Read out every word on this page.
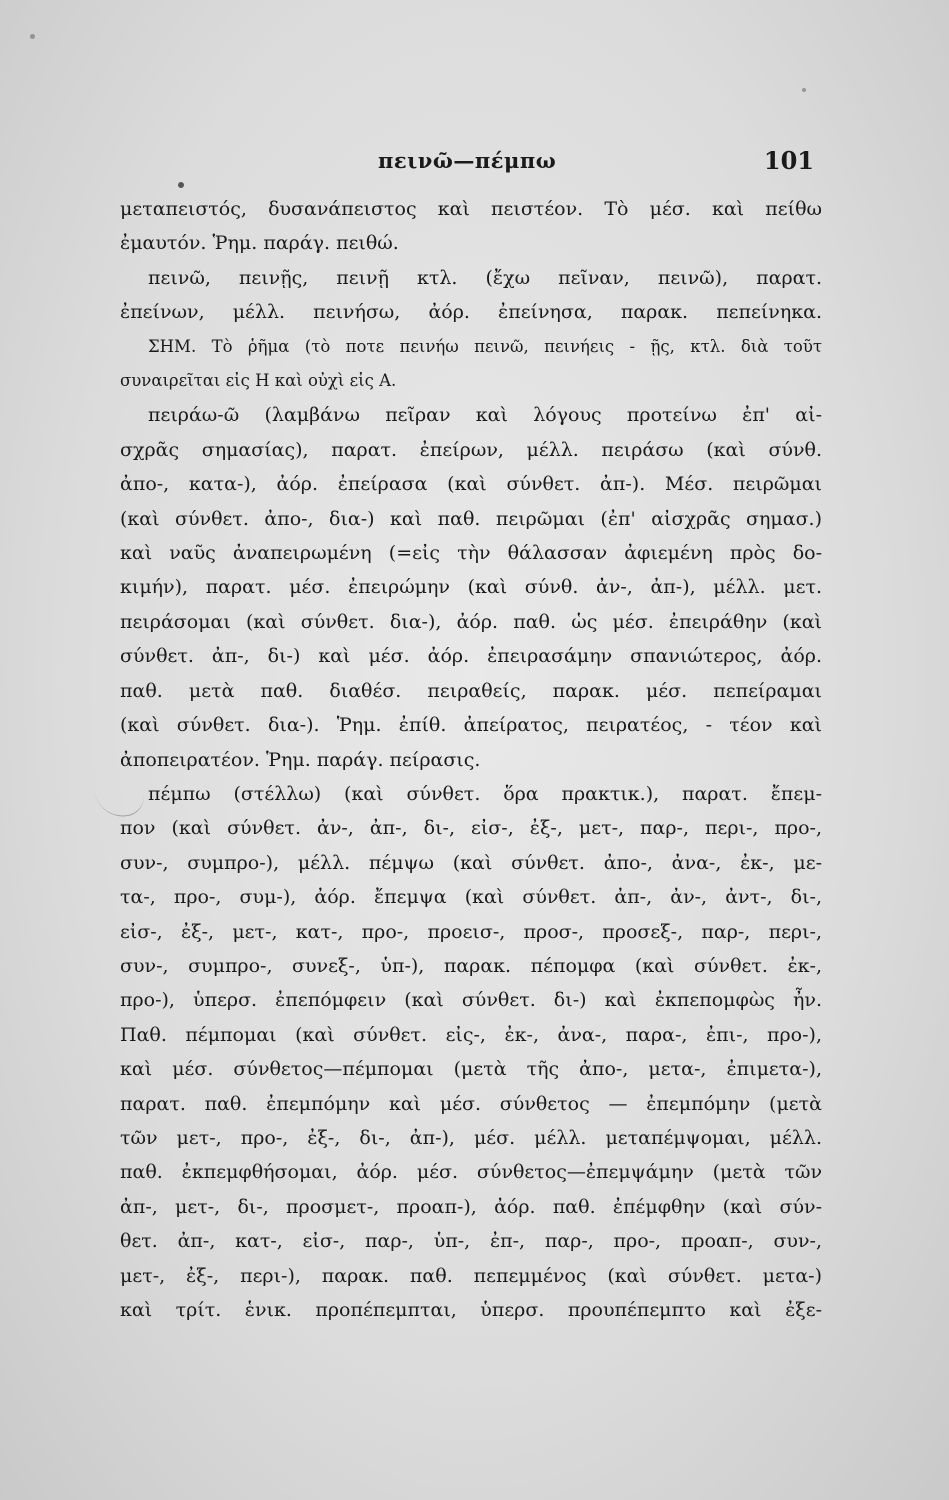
πεινῶ—πέμπω	101
μεταπειστός, δυσανάπειστος καὶ πειστέον. Τὸ μέσ. καὶ πείθω
ἐμαυτόν. Ῥημ. παράγ. πειθώ.
πεινῶ, πεινῇς, πεινῇ κτλ. (ἔχω πεῖναν, πεινῶ), παρατ.
ἐπείνων, μέλλ. πεινήσω, ἀόρ. ἐπείνησα, παρακ. πεπείνηκα.
ΣΗΜ. Τὸ ῥῆμα (τὸ ποτε πεινήω πεινῶ, πεινήεις - ῇς, κτλ. διὰ τοῦτ
συναιρεῖται εἰς Η καὶ οὐχὶ εἰς Α.
πειράω-ῶ (λαμβάνω πεῖραν καὶ λόγους προτείνω ἐπ' αἰ-
σχρᾶς σημασίας), παρατ. ἐπείρων, μέλλ. πειράσω (καὶ σύνθ.
ἀπο-, κατα-), ἀόρ. ἐπείρασα (καὶ σύνθετ. ἀπ-). Μέσ. πειρῶμαι
(καὶ σύνθετ. ἀπο-, δια-) καὶ παθ. πειρῶμαι (ἐπ' αἰσχρᾶς σημασ.)
καὶ ναῦς ἀναπειρωμένη (=εἰς τὴν θάλασσαν ἀφιεμένη πρὸς δο-
κιμήν), παρατ. μέσ. ἐπειρώμην (καὶ σύνθ. ἀν-, ἀπ-), μέλλ. μετ.
πειράσομαι (καὶ σύνθετ. δια-), ἀόρ. παθ. ὡς μέσ. ἐπειράθην (καὶ
σύνθετ. ἀπ-, δι-) καὶ μέσ. ἀόρ. ἐπειρασάμην σπανιώτερος, ἀόρ.
παθ. μετὰ παθ. διαθέσ. πειραθείς, παρακ. μέσ. πεπείραμαι
(καὶ σύνθετ. δια-). Ῥημ. ἐπίθ. ἀπείρατος, πειρατέος, - τέον καὶ
ἀποπειρατέον. Ῥημ. παράγ. πείρασις.
πέμπω (στέλλω) (καὶ σύνθετ. ὅρα πρακτικ.), παρατ. ἔπεμ-
πον (καὶ σύνθετ. ἀν-, ἀπ-, δι-, εἰσ-, ἐξ-, μετ-, παρ-, περι-, προ-,
συν-, συμπρο-), μέλλ. πέμψω (καὶ σύνθετ. ἀπο-, ἀνα-, ἐκ-, με-
τα-, προ-, συμ-), ἀόρ. ἔπεμψα (καὶ σύνθετ. ἀπ-, ἀν-, ἀντ-, δι-,
εἰσ-, ἐξ-, μετ-, κατ-, προ-, προεισ-, προσ-, προσεξ-, παρ-, περι-,
συν-, συμπρο-, συνεξ-, ὑπ-), παρακ. πέπομφα (καὶ σύνθετ. ἐκ-,
προ-), ὑπερσ. ἐπεπόμφειν (καὶ σύνθετ. δι-) καὶ ἐκπεπομφὼς ἦν.
Παθ. πέμπομαι (καὶ σύνθετ. εἰς-, ἐκ-, ἀνα-, παρα-, ἐπι-, προ-),
καὶ μέσ. σύνθετος—πέμπομαι (μετὰ τῆς ἀπο-, μετα-, ἐπιμετα-),
παρατ. παθ. ἐπεμπόμην καὶ μέσ. σύνθετος — ἐπεμπόμην (μετὰ
τῶν μετ-, προ-, ἐξ-, δι-, ἀπ-), μέσ. μέλλ. μεταπέμψομαι, μέλλ.
παθ. ἐκπεμφθήσομαι, ἀόρ. μέσ. σύνθετος—ἐπεμψάμην (μετὰ τῶν
ἀπ-, μετ-, δι-, προσμετ-, προαπ-), ἀόρ. παθ. ἐπέμφθην (καὶ σύν-
θετ. ἀπ-, κατ-, εἰσ-, παρ-, ὑπ-, ἐπ-, παρ-, προ-, προαπ-, συν-,
μετ-, ἐξ-, περι-), παρακ. παθ. πεπεμμένος (καὶ σύνθετ. μετα-)
καὶ τρίτ. ἑνικ. προπέπεμπται, ὑπερσ. προυπέπεμπτο καὶ ἐξε-
